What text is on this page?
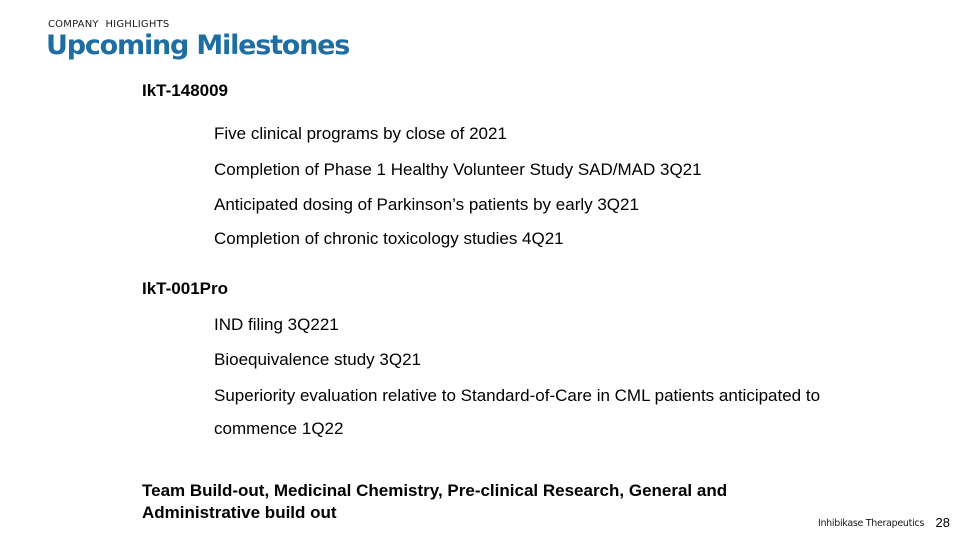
COMPANY  HIGHLIGHTS
Upcoming Milestones
IkT-148009
Five clinical programs by close of 2021
Completion of Phase 1 Healthy Volunteer Study SAD/MAD 3Q21
Anticipated dosing of Parkinson’s patients by early 3Q21
Completion of chronic toxicology studies 4Q21
IkT-001Pro
IND filing 3Q221
Bioequivalence study 3Q21
Superiority evaluation relative to Standard-of-Care in CML patients anticipated to
commence 1Q22
Team Build-out, Medicinal Chemistry, Pre-clinical Research, General and Administrative build out
Inhibikase Therapeutics 28
